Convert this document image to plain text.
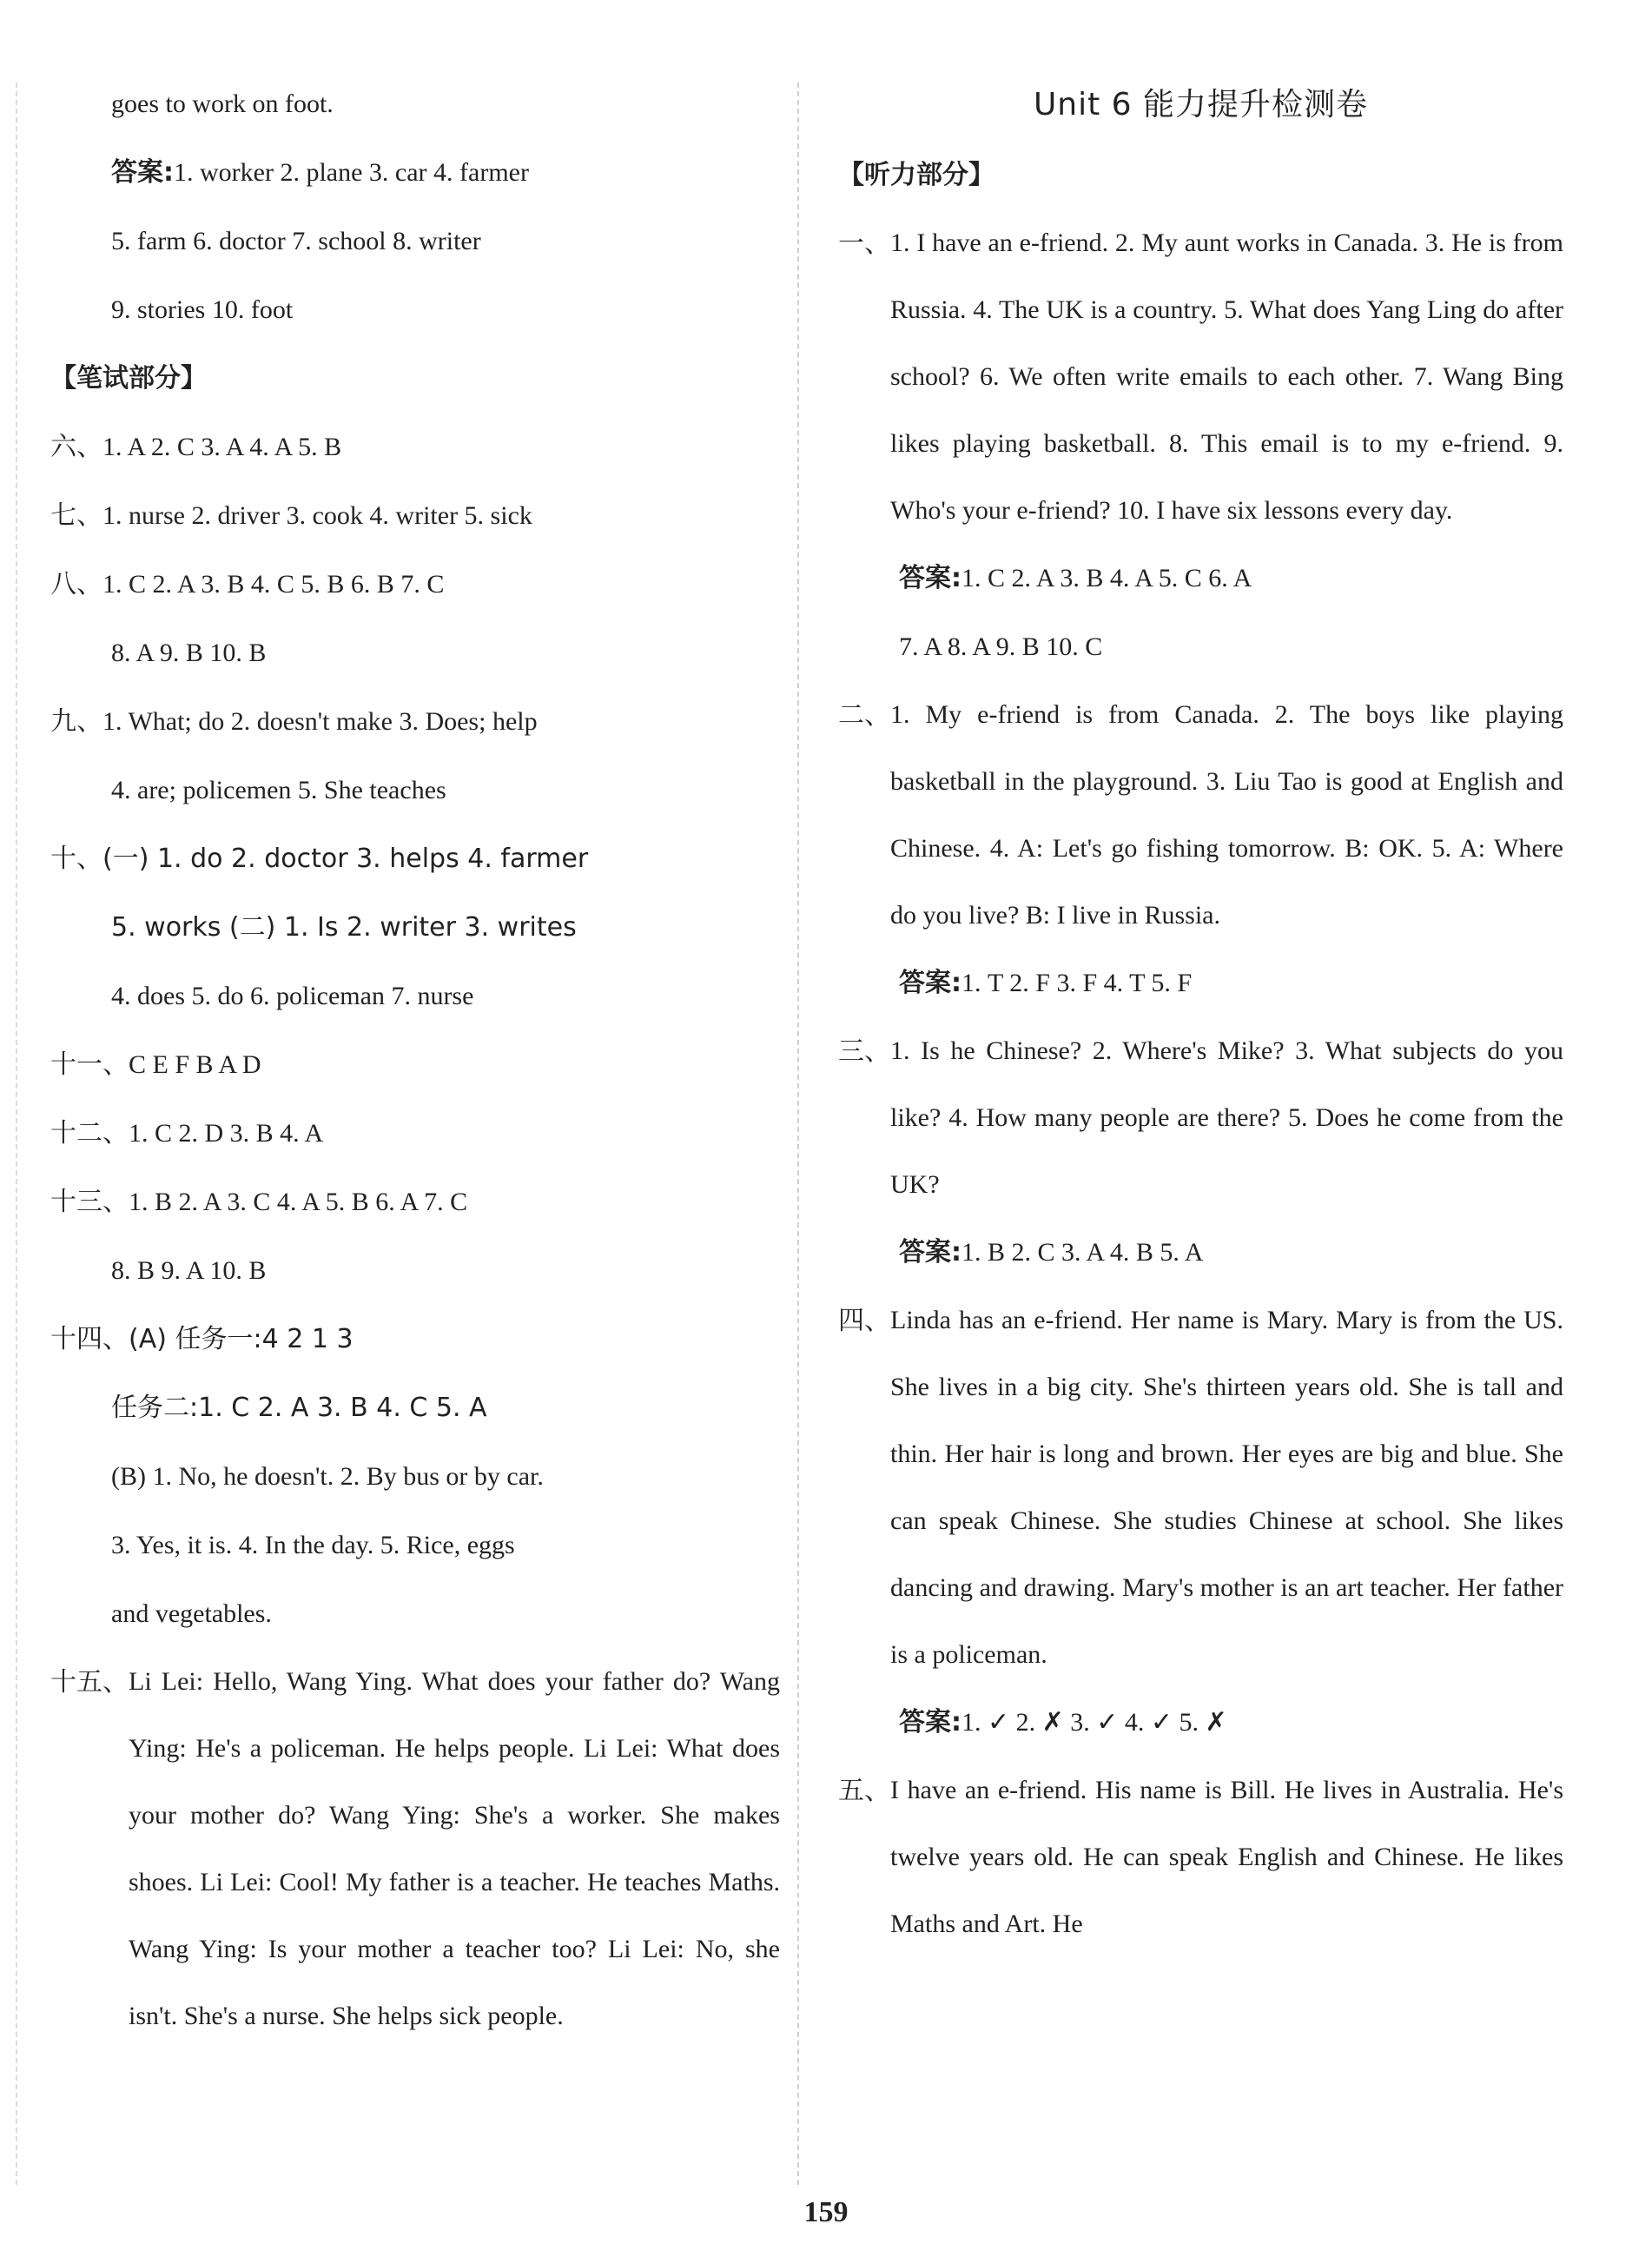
goes to work on foot.
答案:1. worker 2. plane 3. car 4. farmer
5. farm 6. doctor 7. school 8. writer
9. stories 10. foot
【笔试部分】
六、 1. A 2. C 3. A 4. A 5. B
七、 1. nurse 2. driver 3. cook 4. writer 5. sick
八、 1. C 2. A 3. B 4. C 5. B 6. B 7. C
8. A 9. B 10. B
九、 1. What; do 2. doesn't make 3. Does; help
4. are; policemen 5. She teaches
十、 (一) 1. do 2. doctor 3. helps 4. farmer
5. works (二) 1. Is 2. writer 3. writes
4. does 5. do 6. policeman 7. nurse
十一、 C E F B A D
十二、 1. C 2. D 3. B 4. A
十三、 1. B 2. A 3. C 4. A 5. B 6. A 7. C
8. B 9. A 10. B
十四、 (A) 任务一:4 2 1 3
任务二:1. C 2. A 3. B 4. C 5. A
(B) 1. No, he doesn't. 2. By bus or by car.
3. Yes, it is. 4. In the day. 5. Rice, eggs
and vegetables.
十五、 Li Lei: Hello, Wang Ying. What does your father do? Wang Ying: He's a policeman. He helps people. Li Lei: What does your mother do? Wang Ying: She's a worker. She makes shoes. Li Lei: Cool! My father is a teacher. He teaches Maths. Wang Ying: Is your mother a teacher too? Li Lei: No, she isn't. She's a nurse. She helps sick people.
Unit 6 能力提升检测卷
【听力部分】
一、 1. I have an e-friend. 2. My aunt works in Canada. 3. He is from Russia. 4. The UK is a country. 5. What does Yang Ling do after school? 6. We often write emails to each other. 7. Wang Bing likes playing basketball. 8. This email is to my e-friend. 9. Who's your e-friend? 10. I have six lessons every day.
答案:1. C 2. A 3. B 4. A 5. C 6. A
7. A 8. A 9. B 10. C
二、 1. My e-friend is from Canada. 2. The boys like playing basketball in the playground. 3. Liu Tao is good at English and Chinese. 4. A: Let's go fishing tomorrow. B: OK. 5. A: Where do you live? B: I live in Russia.
答案:1. T 2. F 3. F 4. T 5. F
三、 1. Is he Chinese? 2. Where's Mike? 3. What subjects do you like? 4. How many people are there? 5. Does he come from the UK?
答案:1. B 2. C 3. A 4. B 5. A
四、 Linda has an e-friend. Her name is Mary. Mary is from the US. She lives in a big city. She's thirteen years old. She is tall and thin. Her hair is long and brown. Her eyes are big and blue. She can speak Chinese. She studies Chinese at school. She likes dancing and drawing. Mary's mother is an art teacher. Her father is a policeman.
答案:1. ✓ 2. ✗ 3. ✓ 4. ✓ 5. ✗
五、 I have an e-friend. His name is Bill. He lives in Australia. He's twelve years old. He can speak English and Chinese. He likes Maths and Art. He
159
